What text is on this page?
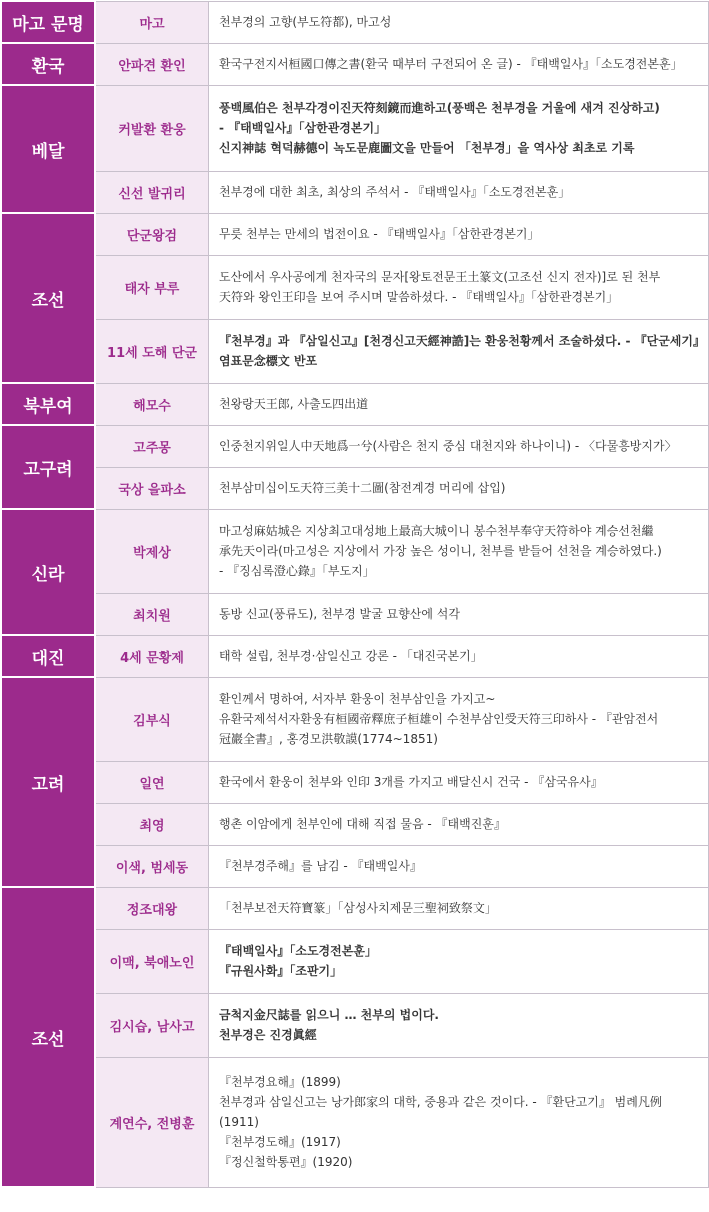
마고 문명	마고	천부경의 고향(부도符都), 마고성

환국	안파견 환인	환국구전지서桓國口傳之書(환국 때부터 구전되어 온 글) - 『태백일사』「소도경전본훈」

베달	커발환 환웅	풍백風伯은 천부각경이진天符刻鏡而進하고(풍백은 천부경을 거울에 새겨 진상하고)
- 『태백일사』「삼한관경본기」
신지神誌 혁덕赫德이 녹도문鹿圖文을 만들어 「천부경」을 역사상 최초로 기록

	신선 발귀리	천부경에 대한 최초, 최상의 주석서 - 『태백일사』「소도경전본훈」

조선	단군왕검	무릇 천부는 만세의 법전이요 - 『태백일사』「삼한관경본기」

	태자 부루	도산에서 우사공에게 천자국의 문자[왕토전문王土篆文(고조선 신지 전자)]로 된 천부
天符와 왕인王印을 보여 주시며 말씀하셨다. - 『태백일사』「삼한관경본기」

	11세 도해 단군	『천부경』과 『삼일신고』[천경신고天經神誥]는 환웅천황께서 조술하셨다. - 『단군세기』
염표문念標文 반포

북부여	해모수	천왕랑天王郎, 사출도四出道

고구려	고주몽	인중천지위일人中天地爲一兮(사람은 천지 중심 대천지와 하나이니) - 〈다물흥방지가〉

	국상 을파소	천부삼미십이도天符三美十二圖(참전계경 머리에 삽입)

신라	박제상	마고성麻姑城은 지상최고대성地上最高大城이니 봉수천부奉守天符하야 계승선천繼
承先天이라(마고성은 지상에서 가장 높은 성이니, 천부를 받들어 선천을 계승하였다.)
- 『징심록澄心錄』「부도지」

	최치원	동방 신교(풍류도), 천부경 발굴 묘향산에 석각

대진	4세 문황제	태학 설립, 천부경·삼일신고 강론 - 「대진국본기」

고려	김부식	환인께서 명하여, 서자부 환웅이 천부삼인을 가지고~
유환국제석서자환웅有桓國帝釋庶子桓雄이 수천부삼인受天符三印하사 - 『관암전서
冠巖全書』, 홍경모洪敬謨(1774~1851)

	일연	환국에서 환웅이 천부와 인印 3개를 가지고 배달신시 건국 - 『삼국유사』

	최영	행촌 이암에게 천부인에 대해 직접 물음 - 『태백진훈』

	이색, 범세동	『천부경주해』를 남김 - 『태백일사』

조선	정조대왕	「천부보전天符寶篆」「삼성사치제문三聖祠致祭文」

	이맥, 북애노인	『태백일사』「소도경전본훈」
『규원사화』「조판기」

	김시습, 남사고	금척지金尺誌를 읽으니 … 천부의 법이다.
천부경은 진경眞經

	계연수, 전병훈	『천부경요해』(1899)
천부경과 삼일신고는 낭가郎家의 대학, 중용과 같은 것이다. - 『환단고기』 범례凡例
(1911)
『천부경도해』(1917)
『정신철학통편』(1920)
